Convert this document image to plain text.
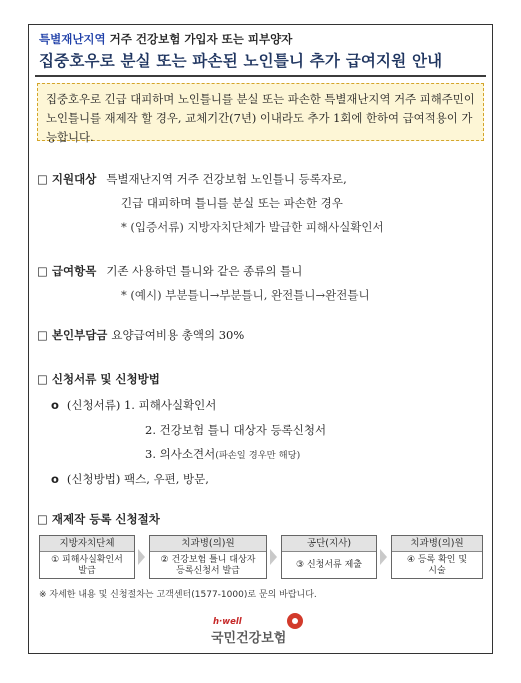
특별재난지역 거주 건강보험 가입자 또는 피부양자
집중호우로 분실 또는 파손된 노인틀니 추가 급여지원 안내
집중호우로 긴급 대피하며 노인틀니를 분실 또는 파손한 특별재난지역 거주 피해주민이 노인틀니를 재제작 할 경우, 교체기간(7년) 이내라도 추가 1회에 한하여 급여적용이 가능합니다.
□ 지원대상 특별재난지역 거주 건강보험 노인틀니 등록자로,
긴급 대피하며 틀니를 분실 또는 파손한 경우
* (입증서류) 지방자치단체가 발급한 피해사실확인서
□ 급여항목 기존 사용하던 틀니와 같은 종류의 틀니
* (예시) 부분틀니→부분틀니, 완전틀니→완전틀니
□ 본인부담금 요양급여비용 총액의 30%
□ 신청서류 및 신청방법
o (신청서류) 1. 피해사실확인서
2. 건강보험 틀니 대상자 등록신청서
3. 의사소견서(파손일 경우만 해당)
o (신청방법) 팩스, 우편, 방문,
□ 재제작 등록 신청절차
지방자치단체
① 피해사실확인서
발급
치과병(의)원
② 건강보험 틀니 대상자
등록신청서 발급
공단(지사)
③ 신청서류 제출
치과병(의)원
④ 등록 확인 및
시술
※ 자세한 내용 및 신청절차는 고객센터(1577-1000)로 문의 바랍니다.
h·well
국민건강보험
